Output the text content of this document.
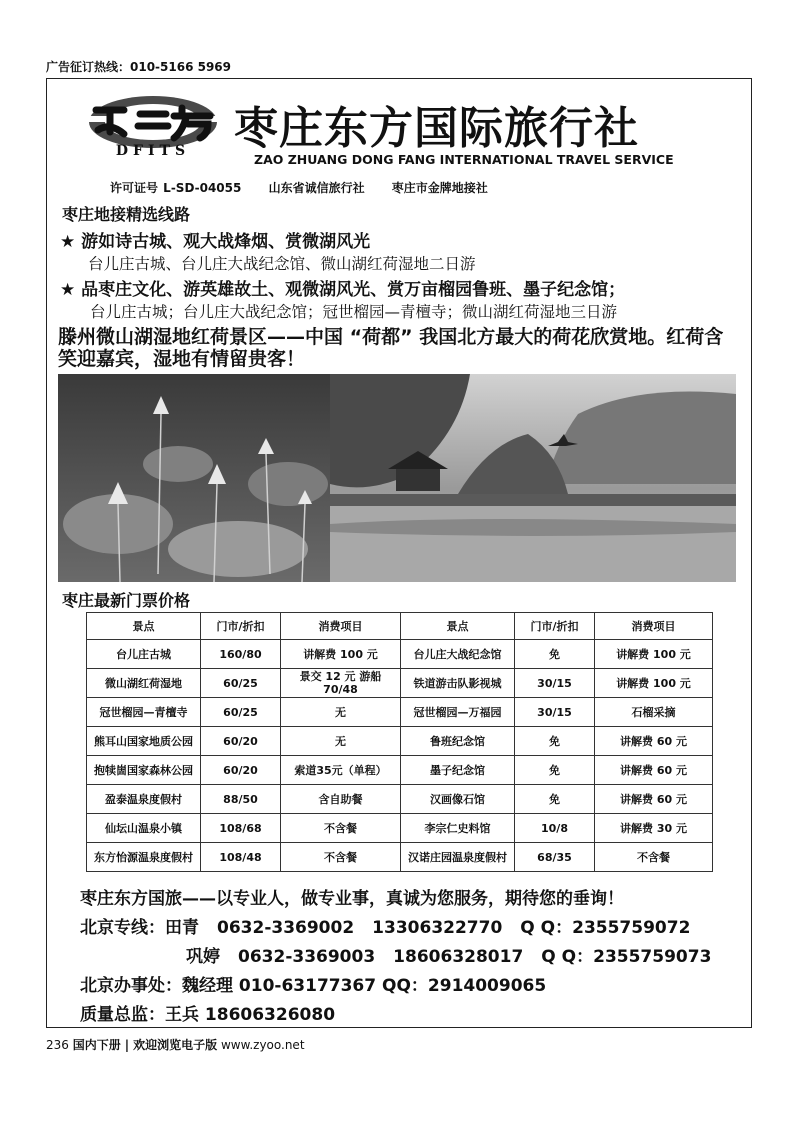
广告征订热线：010-5166 5969
DFITS 枣庄东方国际旅行社
ZAO ZHUANG DONG FANG INTERNATIONAL TRAVEL SERVICE
许可证号 L-SD-04055 山东省诚信旅行社 枣庄市金牌地接社
枣庄地接精选线路
★ 游如诗古城、观大战烽烟、赏微湖风光
台儿庄古城、台儿庄大战纪念馆、微山湖红荷湿地二日游
★ 品枣庄文化、游英雄故土、观微湖风光、赏万亩榴园鲁班、墨子纪念馆；
台儿庄古城；台儿庄大战纪念馆；冠世榴园—青檀寺；微山湖红荷湿地三日游
滕州微山湖湿地红荷景区——中国 “荷都” 我国北方最大的荷花欣赏地。红荷含笑迎嘉宾，湿地有情留贵客！
枣庄最新门票价格
景点	门市/折扣	消费项目	景点	门市/折扣	消费项目
台儿庄古城	160/80	讲解费 100 元	台儿庄大战纪念馆	免	讲解费 100 元
微山湖红荷湿地	60/25	景交 12 元 游船 70/48	铁道游击队影视城	30/15	讲解费 100 元
冠世榴园—青檀寺	60/25	无	冠世榴园—万福园	30/15	石榴采摘
熊耳山国家地质公园	60/20	无	鲁班纪念馆	免	讲解费 60 元
抱犊崮国家森林公园	60/20	索道35元（单程）	墨子纪念馆	免	讲解费 60 元
盈泰温泉度假村	88/50	含自助餐	汉画像石馆	免	讲解费 60 元
仙坛山温泉小镇	108/68	不含餐	李宗仁史料馆	10/8	讲解费 30 元
东方怡源温泉度假村	108/48	不含餐	汉诺庄园温泉度假村	68/35	不含餐
枣庄东方国旅——以专业人，做专业事，真诚为您服务，期待您的垂询！
北京专线：田青 0632-3369002 13306322770 Q Q：2355759072
巩婷 0632-3369003 18606328017 Q Q：2355759073
北京办事处：魏经理 010-63177367 QQ：2914009065
质量总监：王兵 18606326080
236 国内下册 | 欢迎浏览电子版 www.zyoo.net
